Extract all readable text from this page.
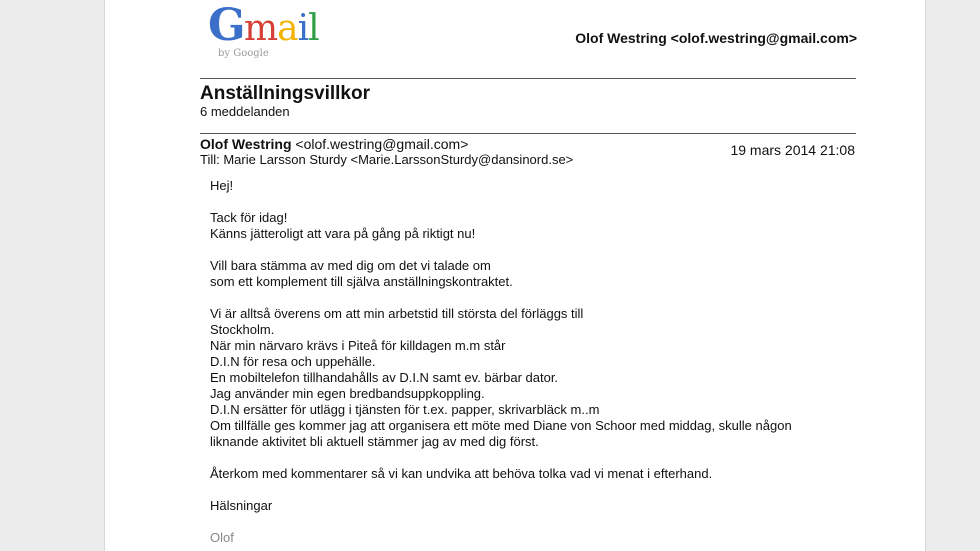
G
mail
by Google
Olof Westring <olof.westring@gmail.com>
Anställningsvillkor
6 meddelanden
Olof Westring <olof.westring@gmail.com>
Till: Marie Larsson Sturdy <Marie.LarssonSturdy@dansinord.se>
19 mars 2014 21:08

Hej!

Tack för idag!
Känns jätteroligt att vara på gång på riktigt nu!

Vill bara stämma av med dig om det vi talade om
som ett komplement till själva anställningskontraktet.

Vi är alltså överens om att min arbetstid till största del förläggs till
Stockholm.
När min närvaro krävs i Piteå för killdagen m.m står
D.I.N för resa och uppehälle.
En mobiltelefon tillhandahålls av D.I.N samt ev. bärbar dator.
Jag använder min egen bredbandsuppkoppling.
D.I.N ersätter för utlägg i tjänsten för t.ex. papper, skrivarbläck m..m
Om tillfälle ges kommer jag att organisera ett möte med Diane von Schoor med middag, skulle någon
liknande aktivitet bli aktuell stämmer jag av med dig först.

Återkom med kommentarer så vi kan undvika att behöva tolka vad vi menat i efterhand.

Hälsningar

Olof
